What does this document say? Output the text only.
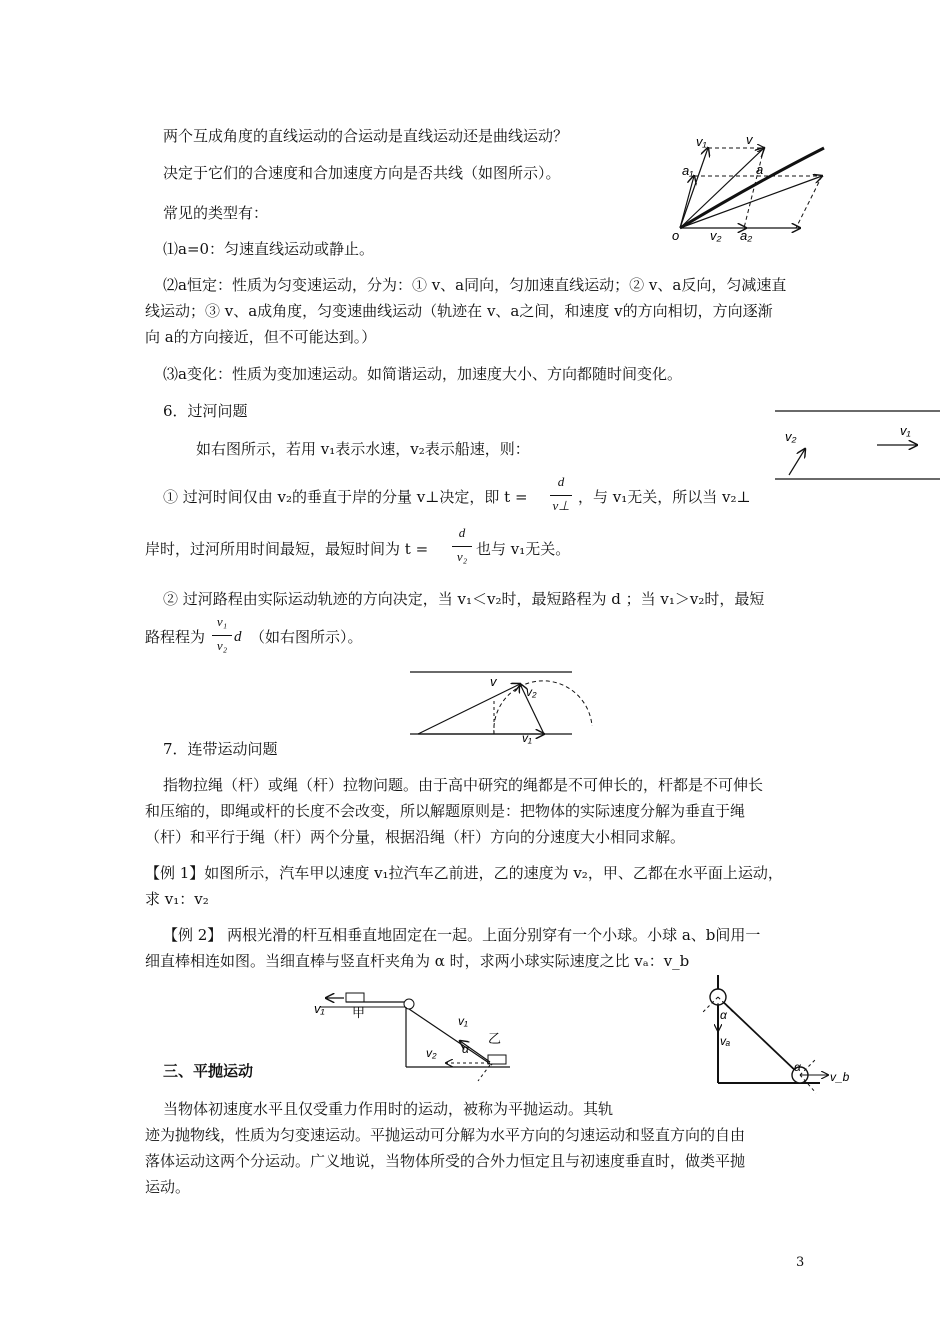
两个互成角度的直线运动的合运动是直线运动还是曲线运动？
决定于它们的合速度和合加速度方向是否共线（如图所示）。
常见的类型有：
⑴a=0：匀速直线运动或静止。
⑵a恒定：性质为匀变速运动，分为：① v、a同向，匀加速直线运动；② v、a反向，匀减速直
线运动；③ v、a成角度，匀变速曲线运动（轨迹在 v、a之间，和速度 v的方向相切，方向逐渐
向 a的方向接近，但不可能达到。）
⑶a变化：性质为变加速运动。如简谐运动，加速度大小、方向都随时间变化。
6．过河问题
如右图所示，若用 v₁表示水速，v₂表示船速，则：
① 过河时间仅由 v₂的垂直于岸的分量 v⊥决定，即 t =
d
v⊥ ，与 v₁无关，所以当 v₂⊥
岸时，过河所用时间最短，最短时间为 t =
d
v₂ 也与 v₁无关。
② 过河路程由实际运动轨迹的方向决定，当 v₁＜v₂时，最短路程为 d ；当 v₁＞v₂时，最短
路程程为
v₁
v₂
d （如右图所示）。
7．连带运动问题
指物拉绳（杆）或绳（杆）拉物问题。由于高中研究的绳都是不可伸长的，杆都是不可伸长
和压缩的，即绳或杆的长度不会改变，所以解题原则是：把物体的实际速度分解为垂直于绳
（杆）和平行于绳（杆）两个分量，根据沿绳（杆）方向的分速度大小相同求解。
【例 1】如图所示，汽车甲以速度 v₁拉汽车乙前进，乙的速度为 v₂，甲、乙都在水平面上运动，
求 v₁：v₂
【例 2】 两根光滑的杆互相垂直地固定在一起。上面分别穿有一个小球。小球 a、b间用一
细直棒相连如图。当细直棒与竖直杆夹角为 α 时，求两小球实际速度之比 vₐ：v_b
三、平抛运动
当物体初速度水平且仅受重力作用时的运动，被称为平抛运动。其轨
迹为抛物线，性质为匀变速运动。平抛运动可分解为水平方向的匀速运动和竖直方向的自由
落体运动这两个分运动。广义地说，当物体所受的合外力恒定且与初速度垂直时，做类平抛
运动。
3
v₁	v
a₁	a
o v₂ a₂
v₂	v₁
v
v₂
v₁
v₁ 甲
v₁
乙
α
v₂
α
vₐ
α
v_b
